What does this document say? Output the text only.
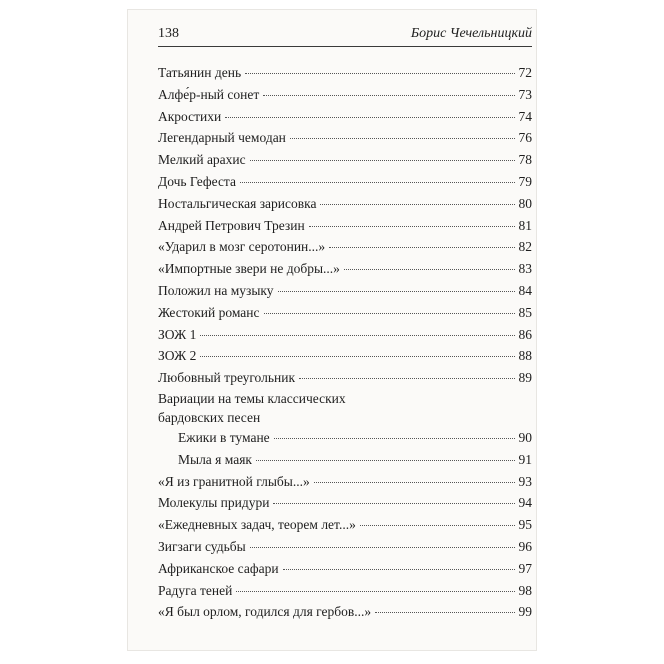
138	Борис Чечельницкий
Татьянин день	72
Алфе́р-ный сонет	73
Акростихи	74
Легендарный чемодан	76
Мелкий арахис	78
Дочь Гефеста	79
Ностальгическая зарисовка	80
Андрей Петрович Трезин	81
«Ударил в мозг серотонин...»	82
«Импортные звери не добры...»	83
Положил на музыку	84
Жестокий романс	85
ЗОЖ 1	86
ЗОЖ 2	88
Любовный треугольник	89
Вариации на темы классических
бардовских песен
Ежики в тумане	90
Мыла я маяк	91
«Я из гранитной глыбы...»	93
Молекулы придури	94
«Ежедневных задач, теорем лет...»	95
Зигзаги судьбы	96
Африканское сафари	97
Радуга теней	98
«Я был орлом, годился для гербов...»	99
